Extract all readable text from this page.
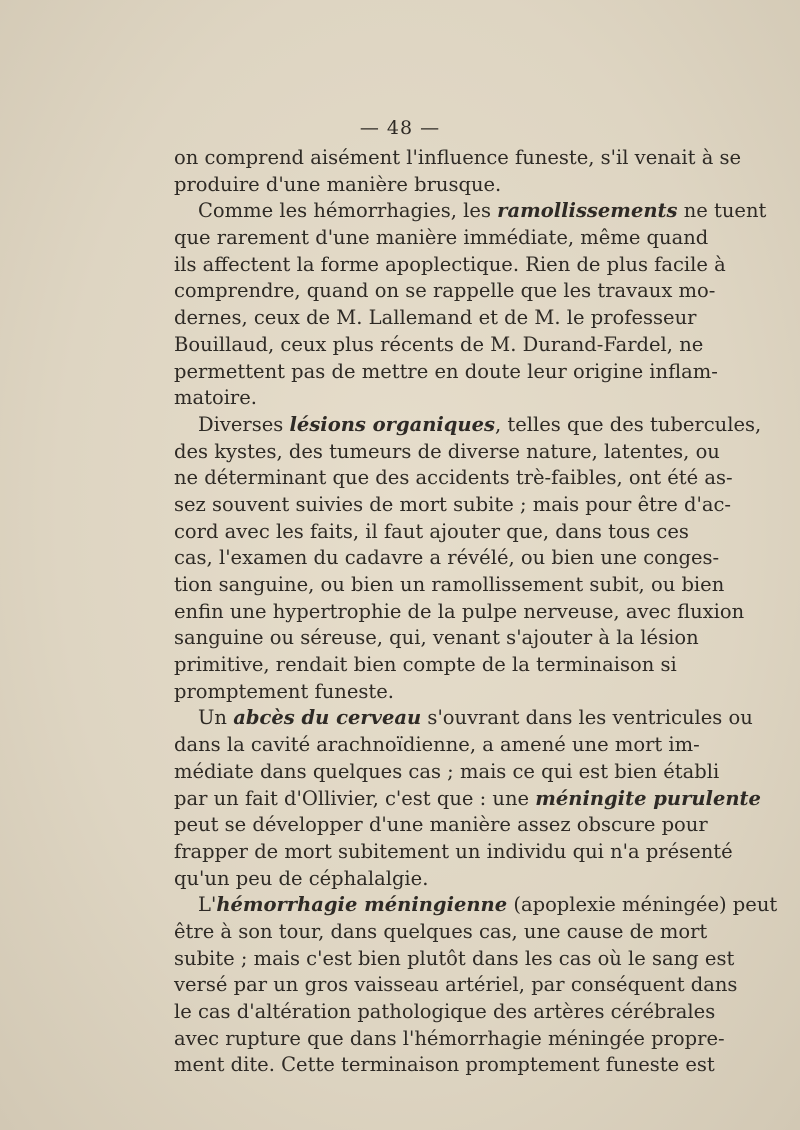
— 48 —
on comprend aisément l'influence funeste, s'il venait à se
produire d'une manière brusque.
Comme les hémorrhagies, les ramollissements ne tuent
que rarement d'une manière immédiate, même quand
ils affectent la forme apoplectique. Rien de plus facile à
comprendre, quand on se rappelle que les travaux mo-
dernes, ceux de M. Lallemand et de M. le professeur
Bouillaud, ceux plus récents de M. Durand-Fardel, ne
permettent pas de mettre en doute leur origine inflam-
matoire.
Diverses lésions organiques, telles que des tubercules,
des kystes, des tumeurs de diverse nature, latentes, ou
ne déterminant que des accidents trè-faibles, ont été as-
sez souvent suivies de mort subite ; mais pour être d'ac-
cord avec les faits, il faut ajouter que, dans tous ces
cas, l'examen du cadavre a révélé, ou bien une conges-
tion sanguine, ou bien un ramollissement subit, ou bien
enfin une hypertrophie de la pulpe nerveuse, avec fluxion
sanguine ou séreuse, qui, venant s'ajouter à la lésion
primitive, rendait bien compte de la terminaison si
promptement funeste.
Un abcès du cerveau s'ouvrant dans les ventricules ou
dans la cavité arachnoïdienne, a amené une mort im-
médiate dans quelques cas ; mais ce qui est bien établi
par un fait d'Ollivier, c'est que : une méningite purulente
peut se développer d'une manière assez obscure pour
frapper de mort subitement un individu qui n'a présenté
qu'un peu de céphalalgie.
L'hémorrhagie méningienne (apoplexie méningée) peut
être à son tour, dans quelques cas, une cause de mort
subite ; mais c'est bien plutôt dans les cas où le sang est
versé par un gros vaisseau artériel, par conséquent dans
le cas d'altération pathologique des artères cérébrales
avec rupture que dans l'hémorrhagie méningée propre-
ment dite. Cette terminaison promptement funeste est
